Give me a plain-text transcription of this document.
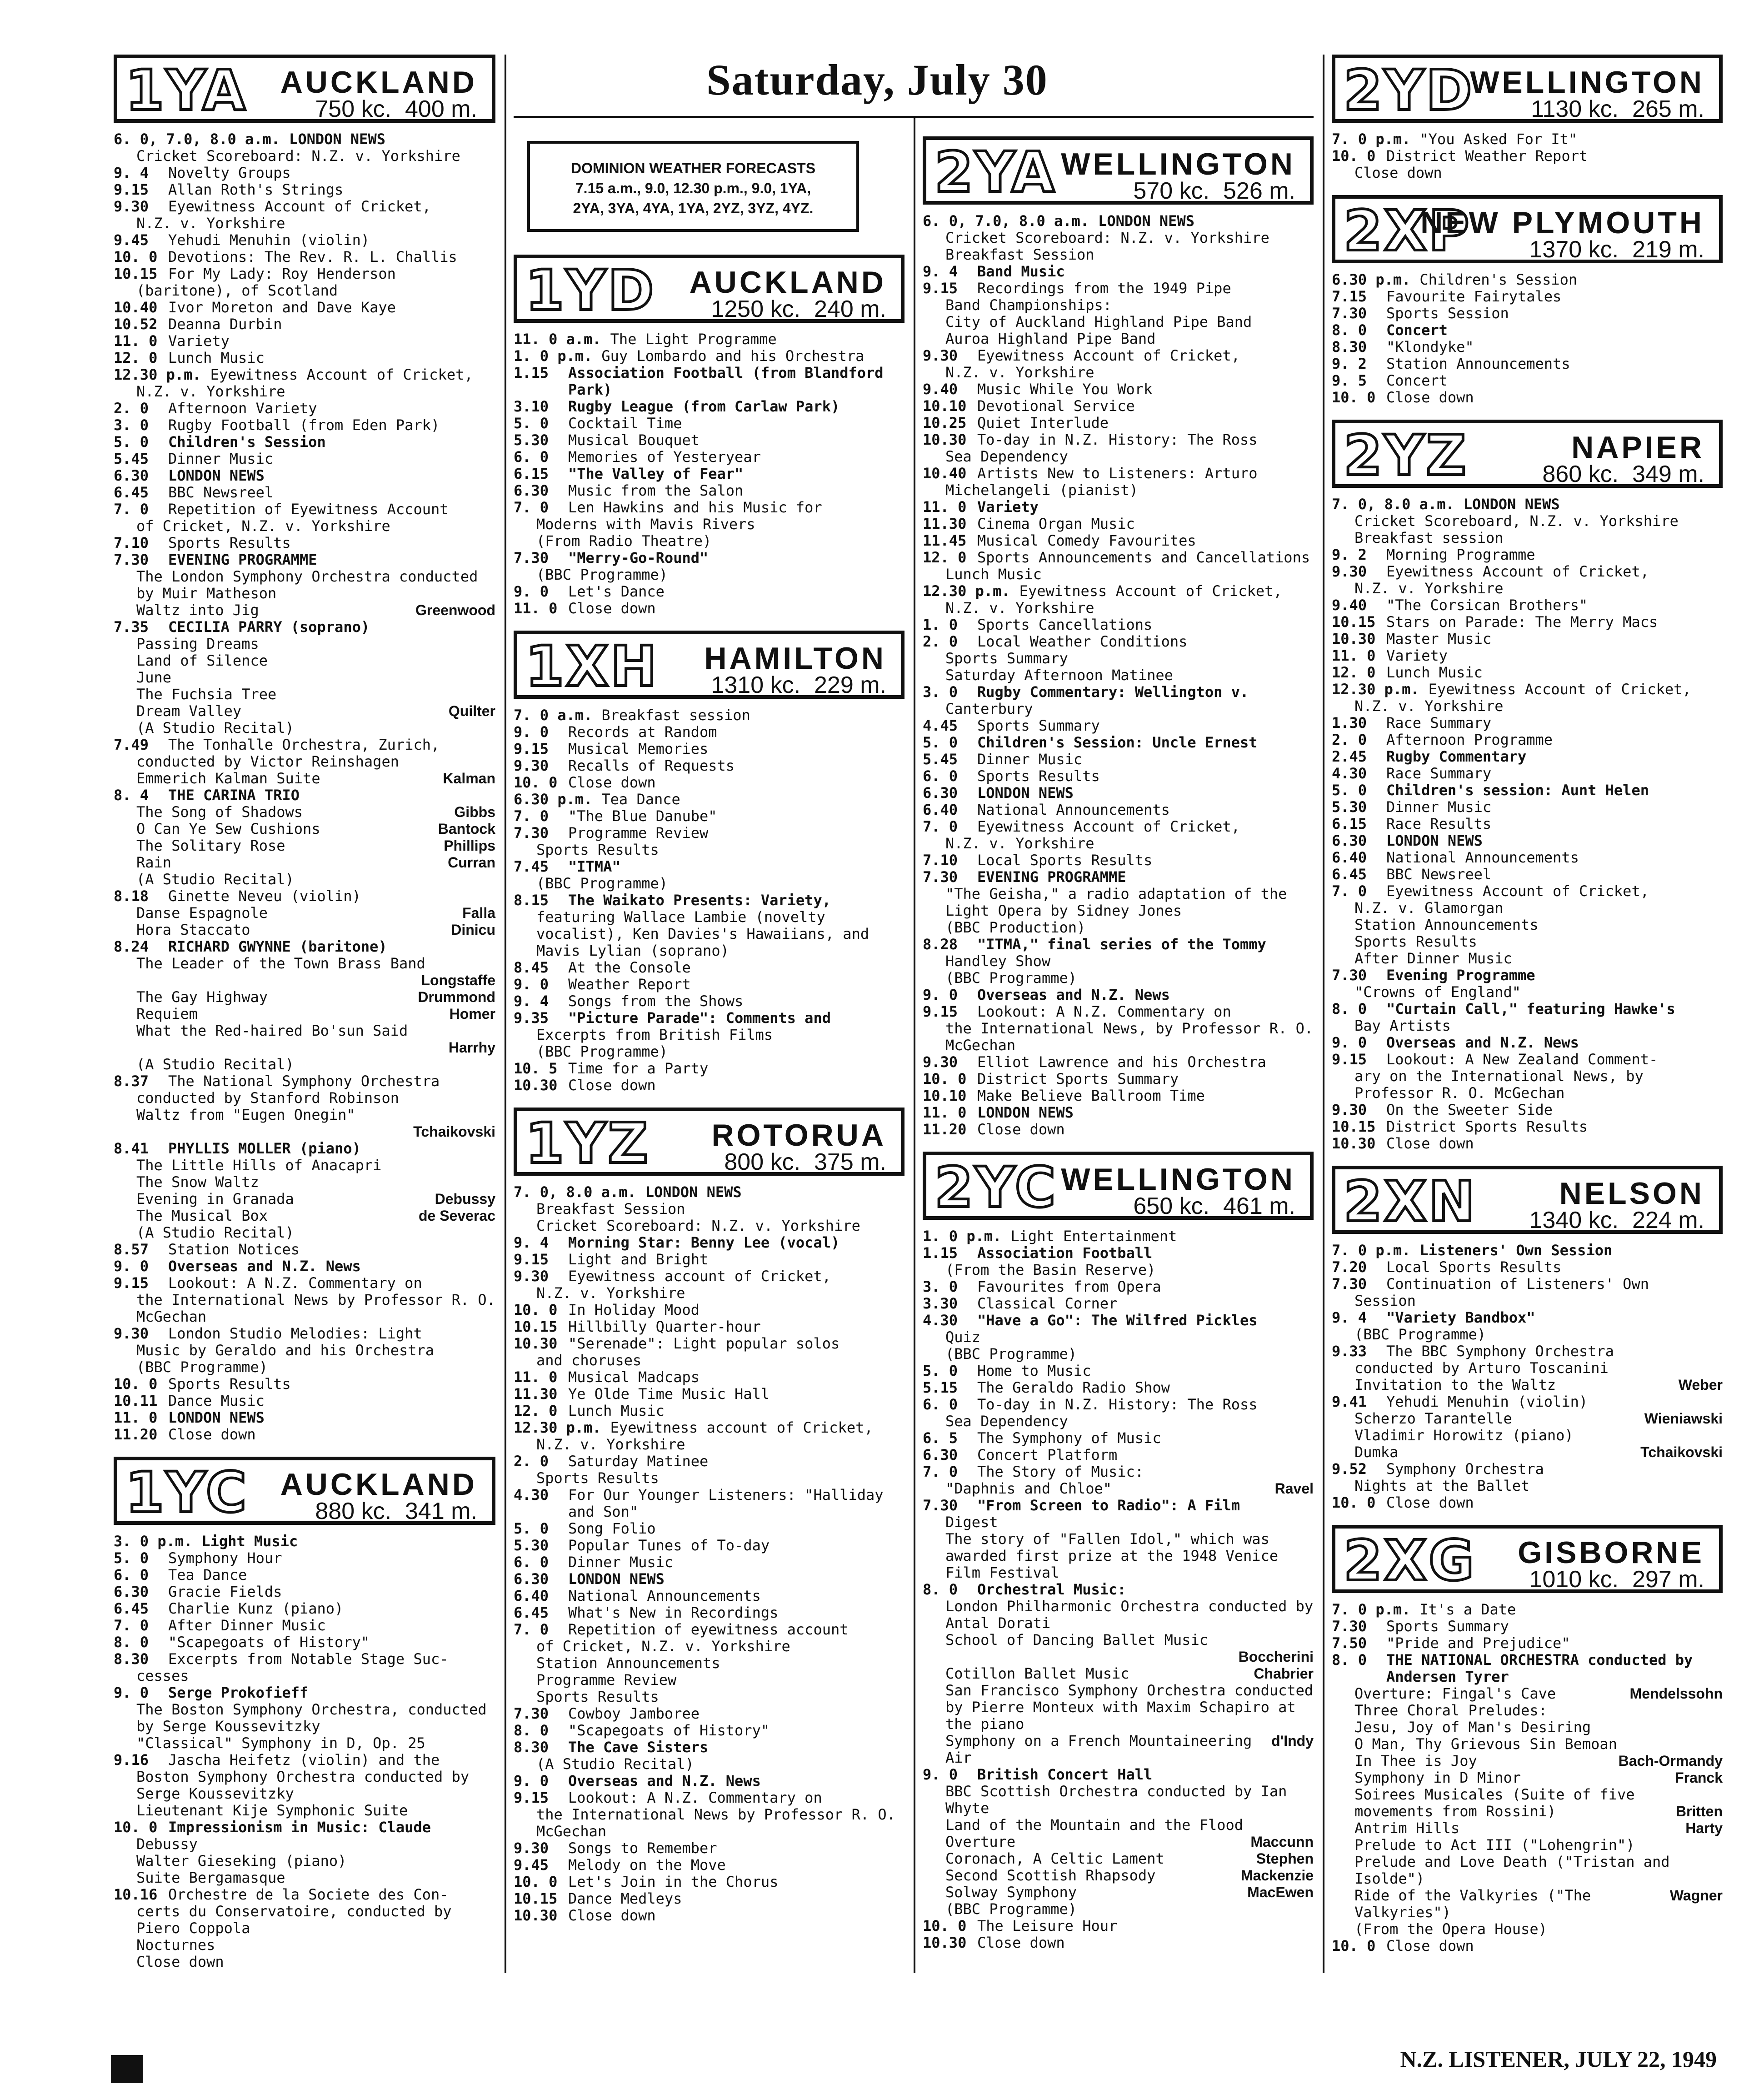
Saturday, July 30
DOMINION WEATHER FORECASTS
7.15 a.m., 9.0, 12.30 p.m., 9.0, 1YA,
2YA, 3YA, 4YA, 1YA, 2YZ, 3YZ, 4YZ.
1YA AUCKLAND
750 kc. 400 m.
6. 0, 7.0, 8.0 a.m. LONDON NEWS
Cricket Scoreboard: N.Z. v. Yorkshire
9. 4	Novelty Groups
9.15	Allan Roth's Strings
9.30	Eyewitness Account of Cricket,
N.Z. v. Yorkshire
9.45	Yehudi Menuhin (violin)
10. 0 Devotions: The Rev. R. L. Challis
10.15 For My Lady: Roy Henderson
(baritone), of Scotland
10.40 Ivor Moreton and Dave Kaye
10.52 Deanna Durbin
11. 0 Variety
12. 0 Lunch Music
12.30 p.m. Eyewitness Account of Cricket,
N.Z. v. Yorkshire
2. 0	Afternoon Variety
3. 0	Rugby Football (from Eden Park)
5. 0	Children's Session
5.45	Dinner Music
6.30	LONDON NEWS
6.45	BBC Newsreel
7. 0	Repetition of Eyewitness Account
of Cricket, N.Z. v. Yorkshire
7.10	Sports Results
7.30	EVENING PROGRAMME
The London Symphony Orchestra conducted by Muir Matheson
Waltz into Jig	Greenwood
7.35	CECILIA PARRY (soprano)
Passing Dreams
Land of Silence
June
The Fuchsia Tree
Dream Valley	Quilter
(A Studio Recital)
7.49	The Tonhalle Orchestra, Zurich,
conducted by Victor Reinshagen
Emmerich Kalman Suite	Kalman
8. 4	THE CARINA TRIO
The Song of Shadows	Gibbs
O Can Ye Sew Cushions	Bantock
The Solitary Rose	Phillips
Rain	Curran
(A Studio Recital)
8.18	Ginette Neveu (violin)
Danse Espagnole	Falla
Hora Staccato	Dinicu
8.24	RICHARD GWYNNE (baritone)
The Leader of the Town Brass Band
Longstaffe
The Gay Highway	Drummond
Requiem	Homer
What the Red-haired Bo'sun Said
Harrhy
(A Studio Recital)
8.37	The National Symphony Orchestra
conducted by Stanford Robinson
Waltz from "Eugen Onegin"
Tchaikovski
8.41	PHYLLIS MOLLER (piano)
The Little Hills of Anacapri
The Snow Waltz
Evening in Granada	Debussy
The Musical Box	de Severac
(A Studio Recital)
8.57	Station Notices
9. 0	Overseas and N.Z. News
9.15	Lookout: A N.Z. Commentary on
the International News by Professor R. O. McGechan
9.30	London Studio Melodies: Light
Music by Geraldo and his Orchestra
(BBC Programme)
10. 0 Sports Results
10.11 Dance Music
11. 0 LONDON NEWS
11.20 Close down
1YC AUCKLAND
880 kc. 341 m.
3. 0 p.m. Light Music
5. 0	Symphony Hour
6. 0	Tea Dance
6.30	Gracie Fields
6.45	Charlie Kunz (piano)
7. 0	After Dinner Music
8. 0	"Scapegoats of History"
8.30	Excerpts from Notable Stage Suc-
cesses
9. 0	Serge Prokofieff
The Boston Symphony Orchestra, conducted by Serge Koussevitzky
"Classical" Symphony in D, Op. 25
9.16	Jascha Heifetz (violin) and the
Boston Symphony Orchestra conducted by Serge Koussevitzky
Lieutenant Kije Symphonic Suite
10. 0 Impressionism in Music: Claude
Debussy
Walter Gieseking (piano)
Suite Bergamasque
10.16 Orchestre de la Societe des Con-
certs du Conservatoire, conducted by Piero Coppola
Nocturnes
Close down
1YD AUCKLAND
1250 kc. 240 m.
11. 0 a.m. The Light Programme
1. 0 p.m. Guy Lombardo and his Orchestra
1.15	Association Football (from Blandford Park)
3.10	Rugby League (from Carlaw Park)
5. 0	Cocktail Time
5.30	Musical Bouquet
6. 0	Memories of Yesteryear
6.15	"The Valley of Fear"
6.30	Music from the Salon
7. 0	Len Hawkins and his Music for
Moderns with Mavis Rivers
(From Radio Theatre)
7.30	"Merry-Go-Round"
(BBC Programme)
9. 0	Let's Dance
11. 0 Close down
1XH HAMILTON
1310 kc. 229 m.
7. 0 a.m. Breakfast session
9. 0	Records at Random
9.15	Musical Memories
9.30	Recalls of Requests
10. 0 Close down
6.30 p.m. Tea Dance
7. 0	"The Blue Danube"
7.30	Programme Review
Sports Results
7.45	"ITMA"
(BBC Programme)
8.15	The Waikato Presents: Variety,
featuring Wallace Lambie (novelty vocalist), Ken Davies's Hawaiians, and Mavis Lylian (soprano)
8.45	At the Console
9. 0	Weather Report
9. 4	Songs from the Shows
9.35	"Picture Parade": Comments and
Excerpts from British Films
(BBC Programme)
10. 5 Time for a Party
10.30 Close down
1YZ ROTORUA
800 kc. 375 m.
7. 0, 8.0 a.m. LONDON NEWS
Breakfast Session
Cricket Scoreboard: N.Z. v. Yorkshire
9. 4	Morning Star: Benny Lee (vocal)
9.15	Light and Bright
9.30	Eyewitness account of Cricket,
N.Z. v. Yorkshire
10. 0 In Holiday Mood
10.15 Hillbilly Quarter-hour
10.30 "Serenade": Light popular solos
and choruses
11. 0 Musical Madcaps
11.30 Ye Olde Time Music Hall
12. 0 Lunch Music
12.30 p.m. Eyewitness account of Cricket,
N.Z. v. Yorkshire
2. 0	Saturday Matinee
Sports Results
4.30	For Our Younger Listeners: "Halliday and Son"
5. 0	Song Folio
5.30	Popular Tunes of To-day
6. 0	Dinner Music
6.30	LONDON NEWS
6.40	National Announcements
6.45	What's New in Recordings
7. 0	Repetition of eyewitness account
of Cricket, N.Z. v. Yorkshire
Station Announcements
Programme Review
Sports Results
7.30	Cowboy Jamboree
8. 0	"Scapegoats of History"
8.30	The Cave Sisters
(A Studio Recital)
9. 0	Overseas and N.Z. News
9.15	Lookout: A N.Z. Commentary on
the International News by Professor R. O. McGechan
9.30	Songs to Remember
9.45	Melody on the Move
10. 0 Let's Join in the Chorus
10.15 Dance Medleys
10.30 Close down
2YA WELLINGTON
570 kc. 526 m.
6. 0, 7.0, 8.0 a.m. LONDON NEWS
Cricket Scoreboard: N.Z. v. Yorkshire
Breakfast Session
9. 4	Band Music
9.15	Recordings from the 1949 Pipe
Band Championships:
City of Auckland Highland Pipe Band
Auroa Highland Pipe Band
9.30	Eyewitness Account of Cricket,
N.Z. v. Yorkshire
9.40	Music While You Work
10.10 Devotional Service
10.25 Quiet Interlude
10.30 To-day in N.Z. History: The Ross
Sea Dependency
10.40 Artists New to Listeners: Arturo
Michelangeli (pianist)
11. 0 Variety
11.30 Cinema Organ Music
11.45 Musical Comedy Favourites
12. 0 Sports Announcements and Cancellations
Lunch Music
12.30 p.m. Eyewitness Account of Cricket,
N.Z. v. Yorkshire
1. 0	Sports Cancellations
2. 0	Local Weather Conditions
Sports Summary
Saturday Afternoon Matinee
3. 0	Rugby Commentary: Wellington v.
Canterbury
4.45	Sports Summary
5. 0	Children's Session: Uncle Ernest
5.45	Dinner Music
6. 0	Sports Results
6.30	LONDON NEWS
6.40	National Announcements
7. 0	Eyewitness Account of Cricket,
N.Z. v. Yorkshire
7.10	Local Sports Results
7.30	EVENING PROGRAMME
"The Geisha," a radio adaptation of the Light Opera by Sidney Jones
(BBC Production)
8.28	"ITMA," final series of the Tommy
Handley Show
(BBC Programme)
9. 0	Overseas and N.Z. News
9.15	Lookout: A N.Z. Commentary on
the International News, by Professor R. O. McGechan
9.30	Elliot Lawrence and his Orchestra
10. 0 District Sports Summary
10.10 Make Believe Ballroom Time
11. 0 LONDON NEWS
11.20 Close down
2YC WELLINGTON
650 kc. 461 m.
1. 0 p.m. Light Entertainment
1.15	Association Football
(From the Basin Reserve)
3. 0	Favourites from Opera
3.30	Classical Corner
4.30	"Have a Go": The Wilfred Pickles
Quiz
(BBC Programme)
5. 0	Home to Music
5.15	The Geraldo Radio Show
6. 0	To-day in N.Z. History: The Ross
Sea Dependency
6. 5	The Symphony of Music
6.30	Concert Platform
7. 0	The Story of Music:
"Daphnis and Chloe"	Ravel
7.30	"From Screen to Radio": A Film
Digest
The story of "Fallen Idol," which was awarded first prize at the 1948 Venice Film Festival
8. 0	Orchestral Music:
London Philharmonic Orchestra conducted by Antal Dorati
School of Dancing Ballet Music
Boccherini
Cotillon Ballet Music	Chabrier
San Francisco Symphony Orchestra conducted by Pierre Monteux with Maxim Schapiro at the piano
Symphony on a French Mountaineering Air
d'Indy
9. 0	British Concert Hall
BBC Scottish Orchestra conducted by Ian Whyte
Land of the Mountain and the Flood
Overture	Maccunn
Coronach, A Celtic Lament	Stephen
Second Scottish Rhapsody	Mackenzie
Solway Symphony	MacEwen
(BBC Programme)
10. 0 The Leisure Hour
10.30 Close down
2YD
WELLINGTON
1130 kc. 265 m.
7. 0 p.m. "You Asked For It"
10. 0 District Weather Report
Close down
2XP
NEW PLYMOUTH
1370 kc. 219 m.
6.30 p.m. Children's Session
7.15	Favourite Fairytales
7.30	Sports Session
8. 0	Concert
8.30	"Klondyke"
9. 2	Station Announcements
9. 5	Concert
10. 0 Close down
2YZ	NAPIER
860 kc. 349 m.
7. 0, 8.0 a.m. LONDON NEWS
Cricket Scoreboard, N.Z. v. Yorkshire
Breakfast session
9. 2	Morning Programme
9.30	Eyewitness Account of Cricket,
N.Z. v. Yorkshire
9.40	"The Corsican Brothers"
10.15 Stars on Parade: The Merry Macs
10.30 Master Music
11. 0 Variety
12. 0 Lunch Music
12.30 p.m. Eyewitness Account of Cricket,
N.Z. v. Yorkshire
1.30	Race Summary
2. 0	Afternoon Programme
2.45	Rugby Commentary
4.30	Race Summary
5. 0	Children's session: Aunt Helen
5.30	Dinner Music
6.15	Race Results
6.30	LONDON NEWS
6.40	National Announcements
6.45	BBC Newsreel
7. 0	Eyewitness Account of Cricket,
N.Z. v. Glamorgan
Station Announcements
Sports Results
After Dinner Music
7.30	Evening Programme
"Crowns of England"
8. 0	"Curtain Call," featuring Hawke's
Bay Artists
9. 0	Overseas and N.Z. News
9.15	Lookout: A New Zealand Comment-
ary on the International News, by Professor R. O. McGechan
9.30	On the Sweeter Side
10.15 District Sports Results
10.30 Close down
2XN	NELSON
1340 kc. 224 m.
7. 0 p.m. Listeners' Own Session
7.20	Local Sports Results
7.30	Continuation of Listeners' Own
Session
9. 4	"Variety Bandbox"
(BBC Programme)
9.33	The BBC Symphony Orchestra
conducted by Arturo Toscanini
Invitation to the Waltz	Weber
9.41	Yehudi Menuhin (violin)
Scherzo Tarantelle	Wieniawski
Vladimir Horowitz (piano)
Dumka	Tchaikovski
9.52	Symphony Orchestra
Nights at the Ballet
10. 0 Close down
2XG GISBORNE
1010 kc. 297 m.
7. 0 p.m. It's a Date
7.30	Sports Summary
7.50	"Pride and Prejudice"
8. 0	THE NATIONAL ORCHESTRA conducted by Andersen Tyrer
Overture: Fingal's Cave	Mendelssohn
Three Choral Preludes:
Jesu, Joy of Man's Desiring
O Man, Thy Grievous Sin Bemoan
In Thee is Joy	Bach-Ormandy
Symphony in D Minor	Franck
Soirees Musicales (Suite of five
movements from Rossini)	Britten
Antrim Hills	Harty
Prelude to Act III ("Lohengrin")
Prelude and Love Death ("Tristan and Isolde")
Ride of the Valkyries ("The Valkyries")
Wagner
(From the Opera House)
10. 0 Close down
N.Z. LISTENER, JULY 22, 1949
